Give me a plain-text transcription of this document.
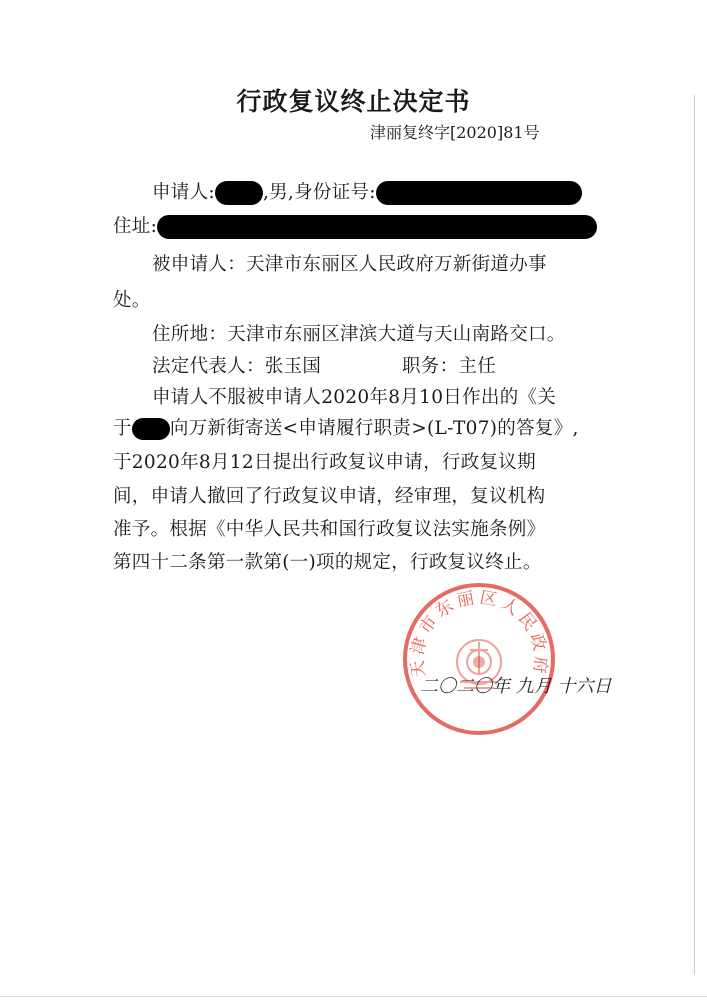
行政复议终止决定书
津丽复终字[2020]81号
申请人:	,男,身份证号:
住址:
被申请人：天津市东丽区人民政府万新街道办事
处。
住所地：天津市东丽区津滨大道与天山南路交口。
法定代表人：张玉国	职务：主任
申请人不服被申请人2020年8月10日作出的《关
于 向万新街寄送<申请履行职责>(L-T07)的答复》,
于2020年8月12日提出行政复议申请，行政复议期
间，申请人撤回了行政复议申请，经审理，复议机构
准予。根据《中华人民共和国行政复议法实施条例》
第四十二条第一款第(一)项的规定，行政复议终止。
天津市东丽区人民政府
二〇二〇年 九月 十六日
